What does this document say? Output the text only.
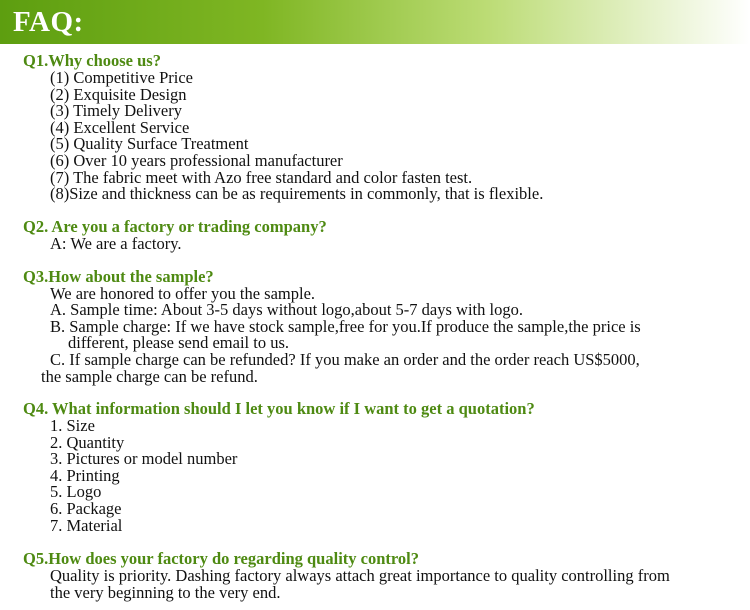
FAQ:
Q1.Why choose us?
(1) Competitive Price
(2) Exquisite Design
(3) Timely Delivery
(4) Excellent Service
(5) Quality Surface Treatment
(6) Over 10 years professional manufacturer
(7) The fabric meet with Azo free standard and color fasten test.
(8)Size and thickness can be as requirements in commonly, that is flexible.
Q2. Are you a factory or trading company?
A: We are a factory.
Q3.How about the sample?
We are honored to offer you the sample.
A. Sample time: About 3-5 days without logo,about 5-7 days with logo.
B. Sample charge: If we have stock sample,free for you.If produce the sample,the price is
different, please send email to us.
C. If sample charge can be refunded? If you make an order and the order reach US$5000,
the sample charge can be refund.
Q4. What information should I let you know if I want to get a quotation?
1. Size
2. Quantity
3. Pictures or model number
4. Printing
5. Logo
6. Package
7. Material
Q5.How does your factory do regarding quality control?
Quality is priority. Dashing factory always attach great importance to quality controlling from
the very beginning to the very end.
